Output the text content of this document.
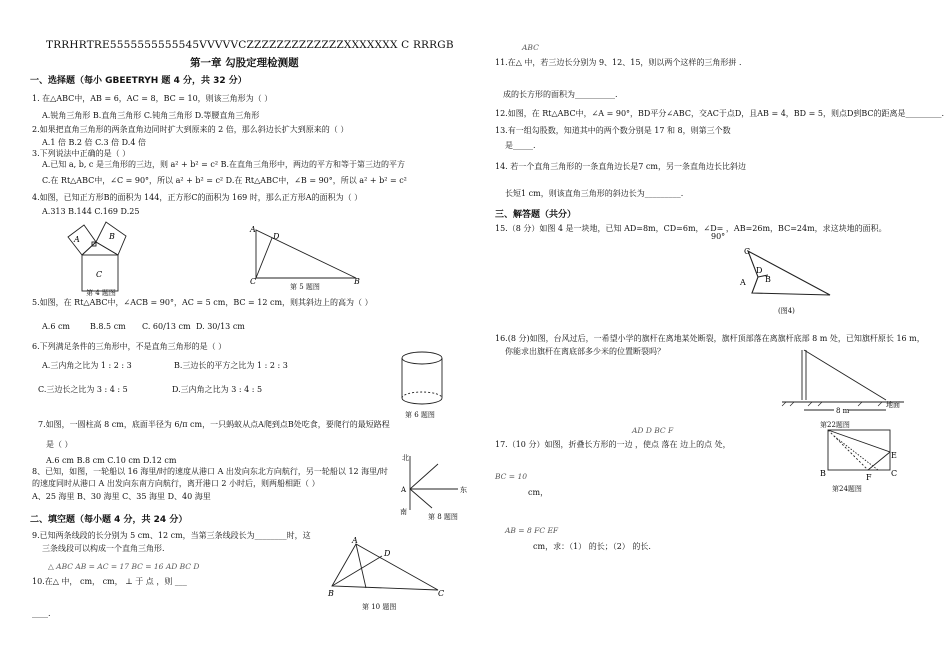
TRRHRTRE5555555555545VVVVVCZZZZZZZZZZZZZXXXXXXX C RRRGB
第一章 勾股定理检测题
一、选择题（每小 GBEETRYH 题 4 分，共 32 分）
1. 在△ABC中，AB = 6，AC = 8，BC = 10，则该三角形为（ ）
A.锐角三角形 B.直角三角形 C.钝角三角形 D.等腰直角三角形
2.如果把直角三角形的两条直角边同时扩大到原来的 2 倍，那么斜边长扩大到原来的（ ）
A.1 倍 B.2 倍 C.3 倍 D.4 倍
3.下列说法中正确的是（ ）
A.已知 a, b, c 是三角形的三边，则 a² + b² = c² B.在直角三角形中，两边的平方和等于第三边的平方
C.在 Rt△ABC中，∠C = 90°，所以 a² + b² = c² D.在 Rt△ABC中，∠B = 90°，所以 a² + b² = c²
4.如图，已知正方形B的面积为 144，正方形C的面积为 169 时，那么正方形A的面积为（ ）
A.313 B.144 C.169 D.25
A	B
C
第 4 题图
A
D
C	B
第 5 题图
5.如图，在 Rt△ABC中，∠ACB = 90°，AC = 5 cm，BC = 12 cm，则其斜边上的高为（ ）
A.6 cm B.8.5 cm C. 60/13 cm D. 30/13 cm
6.下列满足条件的三角形中，不是直角三角形的是（ ）
A.三内角之比为 1 : 2 : 3	B.三边长的平方之比为 1 : 2 : 3
C.三边长之比为 3 : 4 : 5	D.三内角之比为 3 : 4 : 5
第 6 题图
7.如图，一圆柱高 8 cm，底面半径为 6/π cm，一只蚂蚁从点A爬到点B处吃食，要爬行的最短路程
是（ ）
A.6 cm B.8 cm C.10 cm D.12 cm
8、已知，如图，一轮船以 16 海里/时的速度从港口 A 出发向东北方向航行，另一轮船以 12 海里/时
的速度同时从港口 A 出发向东南方向航行，离开港口 2 小时后，则两船相距（ ）
A、25 海里 B、30 海里 C、35 海里 D、40 海里
北
东
南
A
第 8 题图
二、填空题（每小题 4 分，共 24 分）
9.已知两条线段的长分别为 5 cm、12 cm，当第三条线段长为________时，这
三条线段可以构成一个直角三角形.
△ ABC AB = AC = 17 BC = 16 AD BC D
10.在△ 中， cm， cm， ⊥ 于 点 ，则 ___
____.
A
D
B	C
第 10 题图
ABC
11.在△ 中，若三边长分别为 9、12、15，则以两个这样的三角形拼 ．
成的长方形的面积为__________.
12.如图，在 Rt△ABC中，∠A = 90°，BD平分∠ABC，交AC于点D，且AB = 4，BD = 5，则点D到BC的距离是_________.
13.有一组勾股数，知道其中的两个数分别是 17 和 8，则第三个数
是_____.
14. 若一个直角三角形的一条直角边长是7 cm，另一条直角边长比斜边
长短1 cm，则该直角三角形的斜边长为_________.
三、解答题（共分）
15.（8 分）如图 4 是一块地，已知 AD=8m，CD=6m，∠D= ，AB=26m，BC=24m，求这块地的面积。
90°
C
D
B
A
(图4)
16.(8 分)如图，台风过后，一希望小学的旗杆在离地某处断裂，旗杆顶部落在离旗杆底部 8 m 处，已知旗杆原长 16 m，
你能求出旗杆在离底部多少米的位置断裂吗？
地面
8 m
第22题图
AD D BC F
17.（10 分）如图，折叠长方形的一边 ，使点 落在 边上的点 处，
BC = 10
cm，
AB = 8 FC EF
cm，求：（1） 的长；（2） 的长.
E
F
B	C
第24题图
